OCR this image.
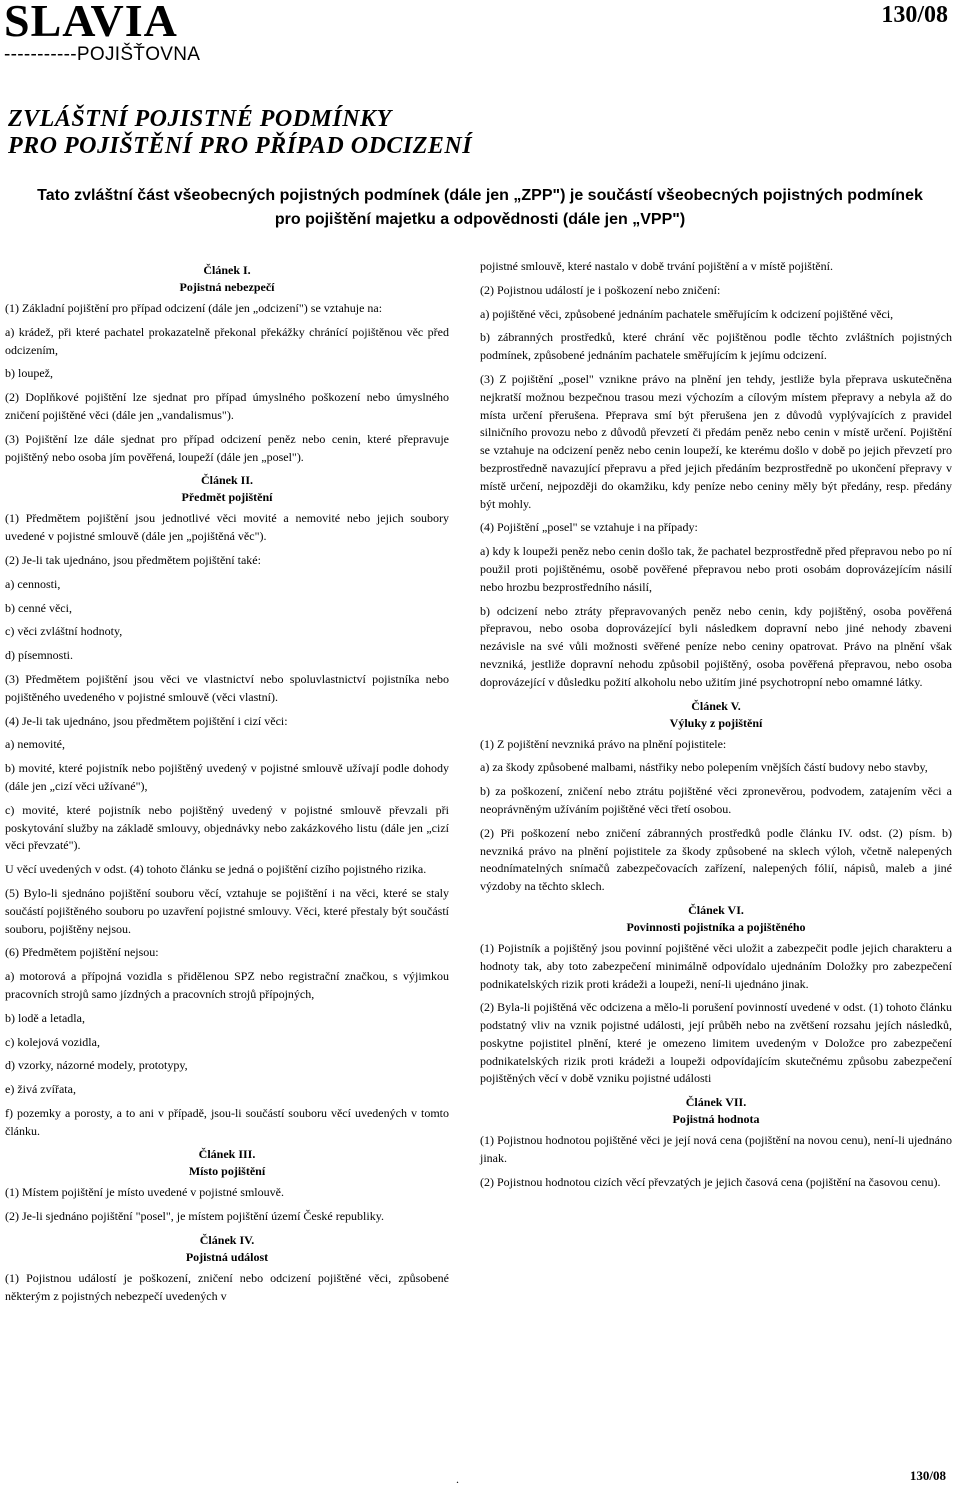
SLAVIA
-----------POJIŠŤOVNA
130/08
ZVLÁŠTNÍ POJISTNÉ PODMÍNKY
PRO POJIŠTĚNÍ PRO PŘÍPAD ODCIZENÍ
Tato zvláštní část všeobecných pojistných podmínek (dále jen „ZPP") je součástí všeobecných pojistných podmínek
pro pojištění majetku a odpovědnosti (dále jen „VPP")
Článek I.
Pojistná nebezpečí

(1) Základní pojištění pro případ odcizení (dále jen „odcizení") se vztahuje na:

a) krádež, při které pachatel prokazatelně překonal překážky chránící pojištěnou věc před odcizením,

b) loupež,

(2) Doplňkové pojištění lze sjednat pro případ úmyslného poškození nebo úmyslného zničení pojištěné věci (dále jen „vandalismus").

(3) Pojištění lze dále sjednat pro případ odcizení peněz nebo cenin, které přepravuje pojištěný nebo osoba jím pověřená, loupeží (dále jen „posel").

Článek II.
Předmět pojištění

(1) Předmětem pojištění jsou jednotlivé věci movité a nemovité nebo jejich soubory uvedené v pojistné smlouvě (dále jen „pojištěná věc").

(2) Je-li tak ujednáno, jsou předmětem pojištění také:

a) cennosti,

b) cenné věci,

c) věci zvláštní hodnoty,

d) písemnosti.

(3) Předmětem pojištění jsou věci ve vlastnictví nebo spoluvlastnictví pojistníka nebo pojištěného uvedeného v pojistné smlouvě (věci vlastní).

(4) Je-li tak ujednáno, jsou předmětem pojištění i cizí věci:

a) nemovité,

b) movité, které pojistník nebo pojištěný uvedený v pojistné smlouvě užívají podle dohody (dále jen „cizí věci užívané"),

c) movité, které pojistník nebo pojištěný uvedený v pojistné smlouvě převzali při poskytování služby na základě smlouvy, objednávky nebo zakázkového listu (dále jen „cizí věci převzaté").

U věcí uvedených v odst. (4) tohoto článku se jedná o pojištění cizího pojistného rizika.

(5) Bylo-li sjednáno pojištění souboru věcí, vztahuje se pojištění i na věci, které se staly součástí pojištěného souboru po uzavření pojistné smlouvy. Věci, které přestaly být součástí souboru, pojištěny nejsou.

(6) Předmětem pojištění nejsou:

a) motorová a přípojná vozidla s přidělenou SPZ nebo registrační značkou, s výjimkou pracovních strojů samo jízdných a pracovních strojů přípojných,

b) lodě a letadla,

c) kolejová vozidla,

d) vzorky, názorné modely, prototypy,

e) živá zvířata,

f) pozemky a porosty, a to ani v případě, jsou-li součástí souboru věcí uvedených v tomto článku.

Článek III.
Místo pojištění

(1) Místem pojištění je místo uvedené v pojistné smlouvě.

(2) Je-li sjednáno pojištění "posel", je místem pojištění území České republiky.

Článek IV.
Pojistná událost

(1) Pojistnou událostí je poškození, zničení nebo odcizení pojištěné věci, způsobené některým z pojistných nebezpečí uvedených v

pojistné smlouvě, které nastalo v době trvání pojištění a v místě pojištění.

(2) Pojistnou událostí je i poškození nebo zničení:

a) pojištěné věci, způsobené jednáním pachatele směřujícím k odcizení pojištěné věci,

b) zábranných prostředků, které chrání věc pojištěnou podle těchto zvláštních pojistných podmínek, způsobené jednáním pachatele směřujícím k jejímu odcizení.

(3) Z pojištění „posel" vznikne právo na plnění jen tehdy, jestliže byla přeprava uskutečněna nejkratší možnou bezpečnou trasou mezi výchozím a cílovým místem přepravy a nebyla až do místa určení přerušena. Přeprava smí být přerušena jen z důvodů vyplývajících z pravidel silničního provozu nebo z důvodů převzetí či předám peněz nebo cenin v místě určení. Pojištění se vztahuje na odcizení peněz nebo cenin loupeží, ke kterému došlo v době po jejich převzetí pro bezprostředně navazující přepravu a před jejich předáním bezprostředně po ukončení přepravy v místě určení, nejpozději do okamžiku, kdy peníze nebo ceniny měly být předány, resp. předány být mohly.

(4) Pojištění „posel" se vztahuje i na případy:

a) kdy k loupeži peněz nebo cenin došlo tak, že pachatel bezprostředně před přepravou nebo po ní použil proti pojištěnému, osobě pověřené přepravou nebo proti osobám doprovázejícím násilí nebo hrozbu bezprostředního násilí,

b) odcizení nebo ztráty přepravovaných peněz nebo cenin, kdy pojištěný, osoba pověřená přepravou, nebo osoba doprovázející byli následkem dopravní nebo jiné nehody zbaveni nezávisle na své vůli možnosti svěřené peníze nebo ceniny opatrovat. Právo na plnění však nevzniká, jestliže dopravní nehodu způsobil pojištěný, osoba pověřená přepravou, nebo osoba doprovázející v důsledku požití alkoholu nebo užitím jiné psychotropní nebo omamné látky.

Článek V.
Výluky z pojištění

(1) Z pojištění nevzniká právo na plnění pojistitele:

a) za škody způsobené malbami, nástřiky nebo polepením vnějších částí budovy nebo stavby,

b) za poškození, zničení nebo ztrátu pojištěné věci zpronevěrou, podvodem, zatajením věci a neoprávněným užíváním pojištěné věci třetí osobou.

(2) Při poškození nebo zničení zábranných prostředků podle článku IV. odst. (2) písm. b) nevzniká právo na plnění pojistitele za škody způsobené na sklech výloh, včetně nalepených neodnímatelných snímačů zabezpečovacích zařízení, nalepených fólií, nápisů, maleb a jiné výzdoby na těchto sklech.

Článek VI.
Povinnosti pojistníka a pojištěného

(1) Pojistník a pojištěný jsou povinní pojištěné věci uložit a zabezpečit podle jejich charakteru a hodnoty tak, aby toto zabezpečení minimálně odpovídalo ujednáním Doložky pro zabezpečení podnikatelských rizik proti krádeži a loupeži, není-li ujednáno jinak.

(2) Byla-li pojištěná věc odcizena a mělo-li porušení povinností uvedené v odst. (1) tohoto článku podstatný vliv na vznik pojistné události, její průběh nebo na zvětšení rozsahu jejích následků, poskytne pojistitel plnění, které je omezeno limitem uvedeným v Doložce pro zabezpečení podnikatelských rizik proti krádeži a loupeži odpovídajícím skutečnému způsobu zabezpečení pojištěných věcí v době vzniku pojistné události

Článek VII.
Pojistná hodnota

(1) Pojistnou hodnotou pojištěné věci je její nová cena (pojištění na novou cenu), není-li ujednáno jinak.

(2) Pojistnou hodnotou cizích věcí převzatých je jejich časová cena (pojištění na časovou cenu).

.	130/08
